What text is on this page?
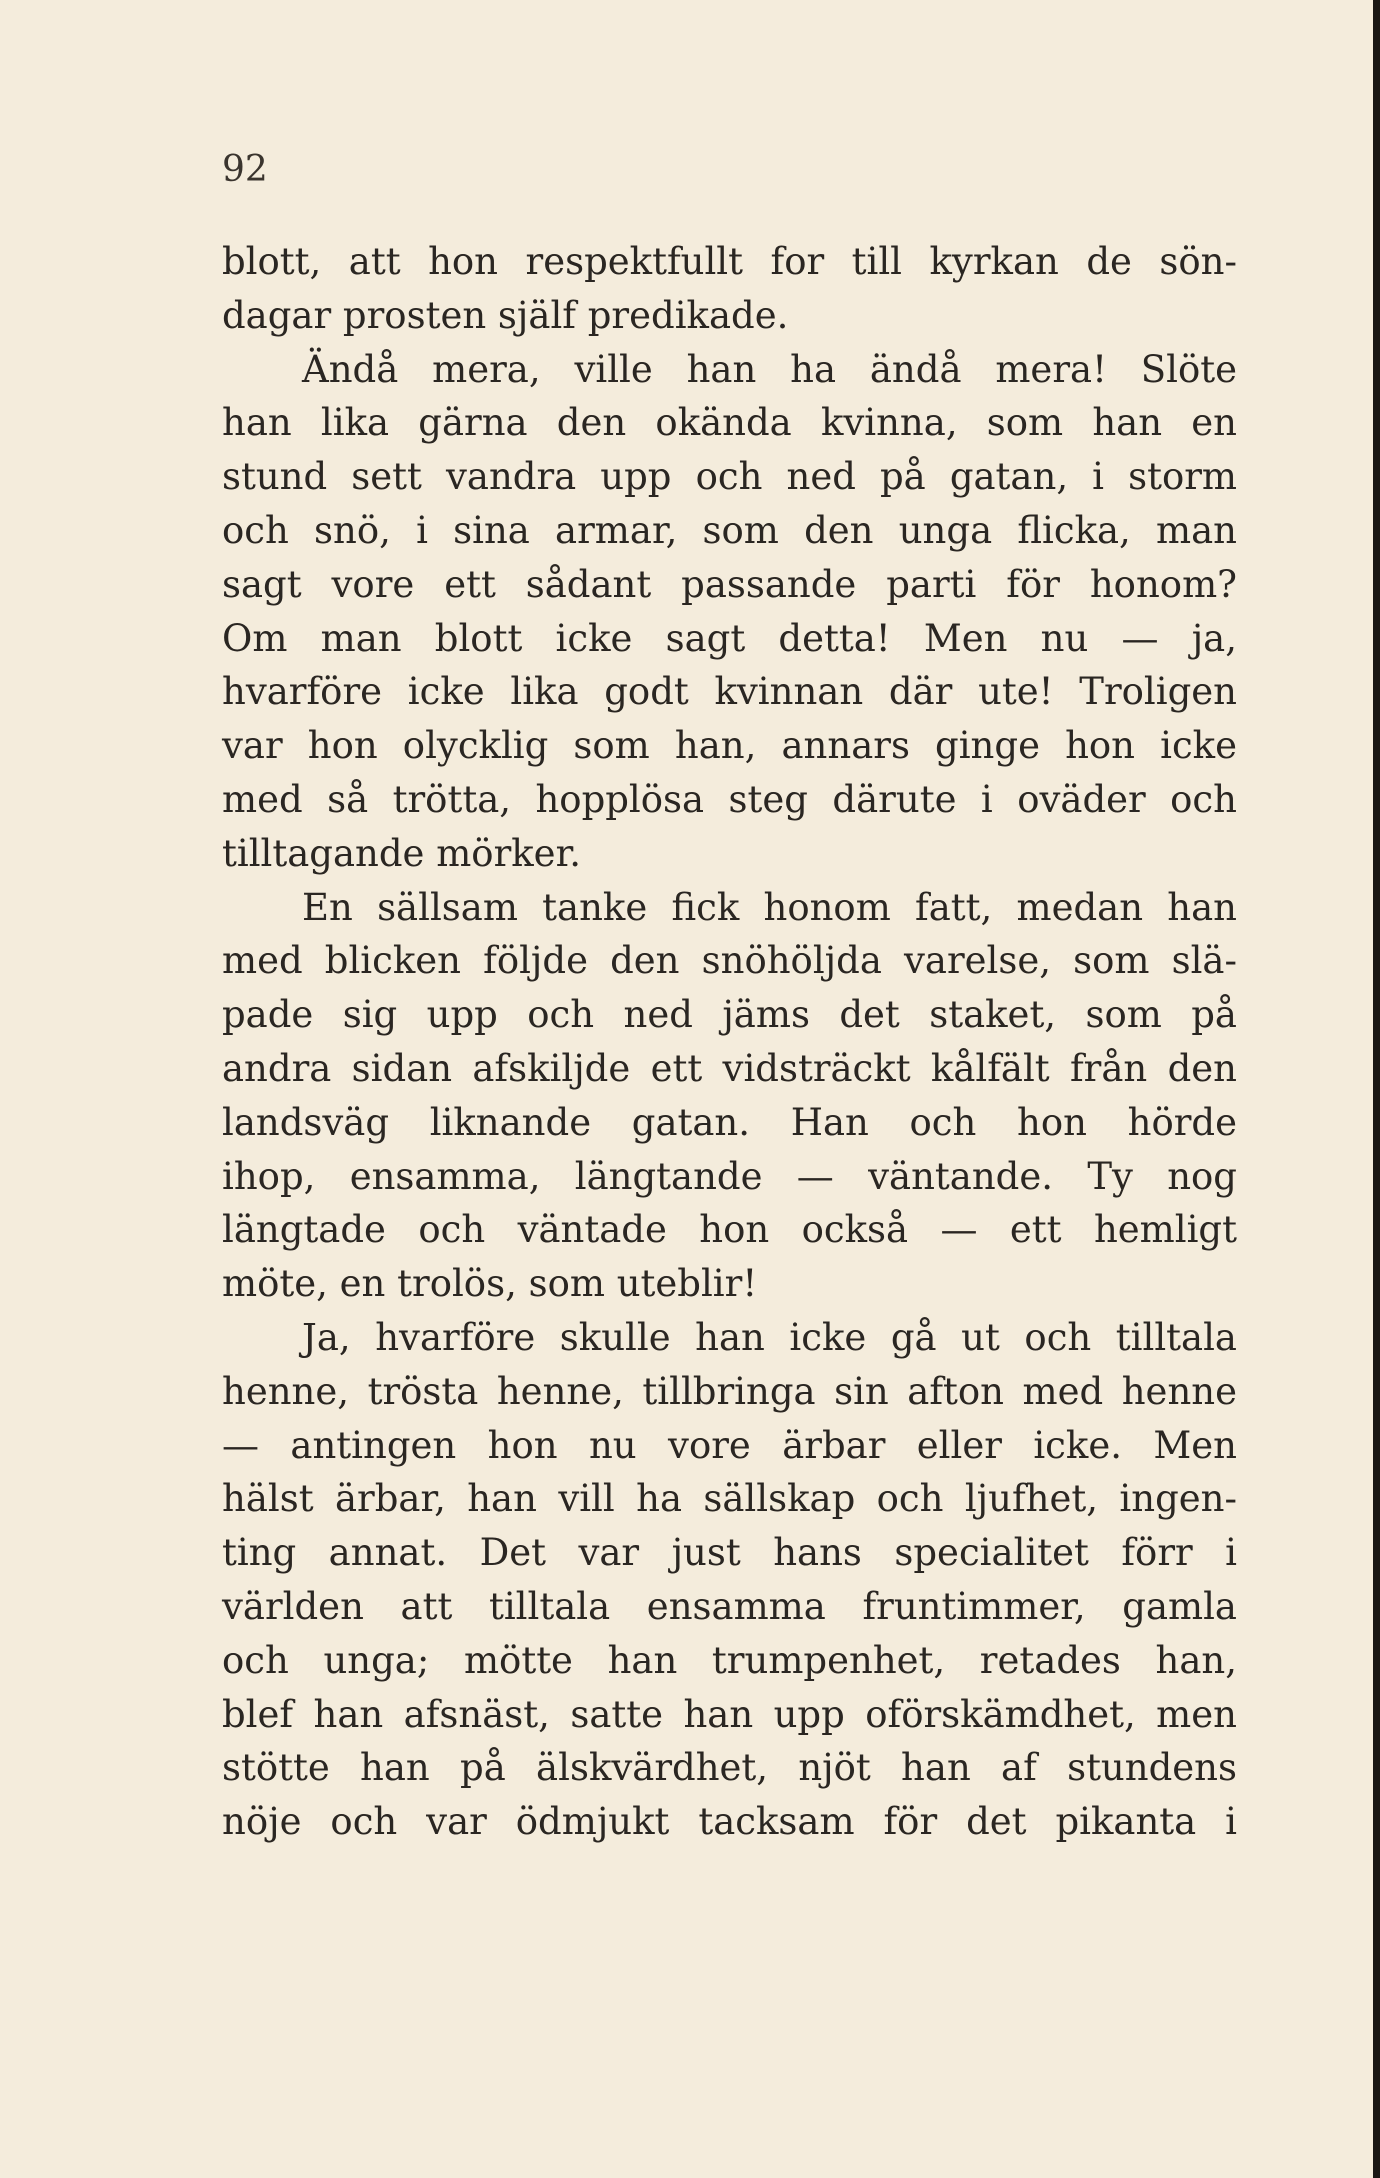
92
blott, att hon respektfullt for till kyrkan de sön-
dagar prosten själf predikade.
Ändå mera, ville han ha ändå mera! Slöte
han lika gärna den okända kvinna, som han en
stund sett vandra upp och ned på gatan, i storm
och snö, i sina armar, som den unga flicka, man
sagt vore ett sådant passande parti för honom?
Om man blott icke sagt detta! Men nu — ja,
hvarföre icke lika godt kvinnan där ute! Troligen
var hon olycklig som han, annars ginge hon icke
med så trötta, hopplösa steg därute i oväder och
tilltagande mörker.
En sällsam tanke fick honom fatt, medan han
med blicken följde den snöhöljda varelse, som slä-
pade sig upp och ned jäms det staket, som på
andra sidan afskiljde ett vidsträckt kålfält från den
landsväg liknande gatan. Han och hon hörde
ihop, ensamma, längtande — väntande. Ty nog
längtade och väntade hon också — ett hemligt
möte, en trolös, som uteblir!
Ja, hvarföre skulle han icke gå ut och tilltala
henne, trösta henne, tillbringa sin afton med henne
— antingen hon nu vore ärbar eller icke. Men
hälst ärbar, han vill ha sällskap och ljufhet, ingen-
ting annat. Det var just hans specialitet förr i
världen att tilltala ensamma fruntimmer, gamla
och unga; mötte han trumpenhet, retades han,
blef han afsnäst, satte han upp oförskämdhet, men
stötte han på älskvärdhet, njöt han af stundens
nöje och var ödmjukt tacksam för det pikanta i
